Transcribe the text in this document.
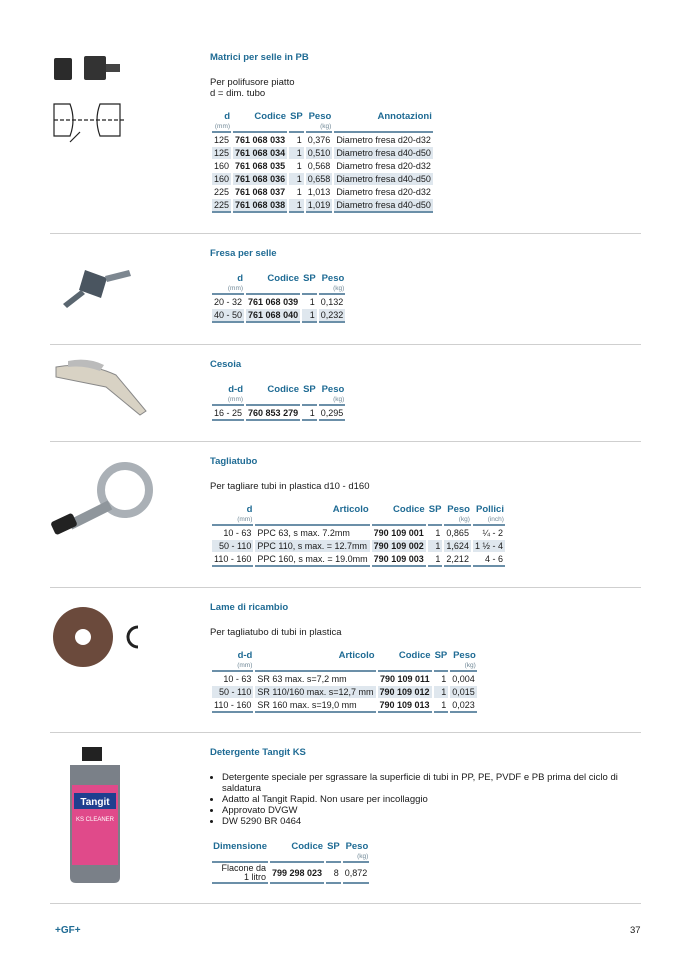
Tangit
KS CLEANER
Matrici per selle in PB
Per polifusore piatto
d = dim. tubo
d	Codice	SP	Peso	Annotazioni
(mm)			(kg)	
125	761 068 033	1	0,376	Diametro fresa d20-d32
125	761 068 034	1	0,510	Diametro fresa d40-d50
160	761 068 035	1	0,568	Diametro fresa d20-d32
160	761 068 036	1	0,658	Diametro fresa d40-d50
225	761 068 037	1	1,013	Diametro fresa d20-d32
225	761 068 038	1	1,019	Diametro fresa d40-d50
Fresa per selle
d	Codice	SP	Peso
(mm)			(kg)
20 - 32	761 068 039	1	0,132
40 - 50	761 068 040	1	0,232
Cesoia
d-d	Codice	SP	Peso
(mm)			(kg)
16 - 25	760 853 279	1	0,295
Tagliatubo
Per tagliare tubi in plastica d10 - d160
d	Articolo	Codice	SP	Peso	Pollici
(mm)				(kg)	(inch)
10 - 63	PPC 63, s max. 7.2mm	790 109 001	1	0,865	¼ - 2
50 - 110	PPC 110, s max. = 12.7mm	790 109 002	1	1,624	1 ½ - 4
110 - 160	PPC 160, s max. = 19.0mm	790 109 003	1	2,212	4 - 6
Lame di ricambio
Per tagliatubo di tubi in plastica
d-d	Articolo	Codice	SP	Peso
(mm)				(kg)
10 - 63	SR 63 max. s=7,2 mm	790 109 011	1	0,004
50 - 110	SR 110/160 max. s=12,7 mm	790 109 012	1	0,015
110 - 160	SR 160 max. s=19,0 mm	790 109 013	1	0,023
Detergente Tangit KS
• Detergente speciale per sgrassare la superficie di tubi in PP, PE, PVDF e PB prima del ciclo di saldatura
• Adatto al Tangit Rapid. Non usare per incollaggio
• Approvato DVGW
• DW 5290 BR 0464
Dimensione	Codice	SP	Peso
			(kg)
Flacone da 1 litro	799 298 023	8	0,872
+GF+	37
